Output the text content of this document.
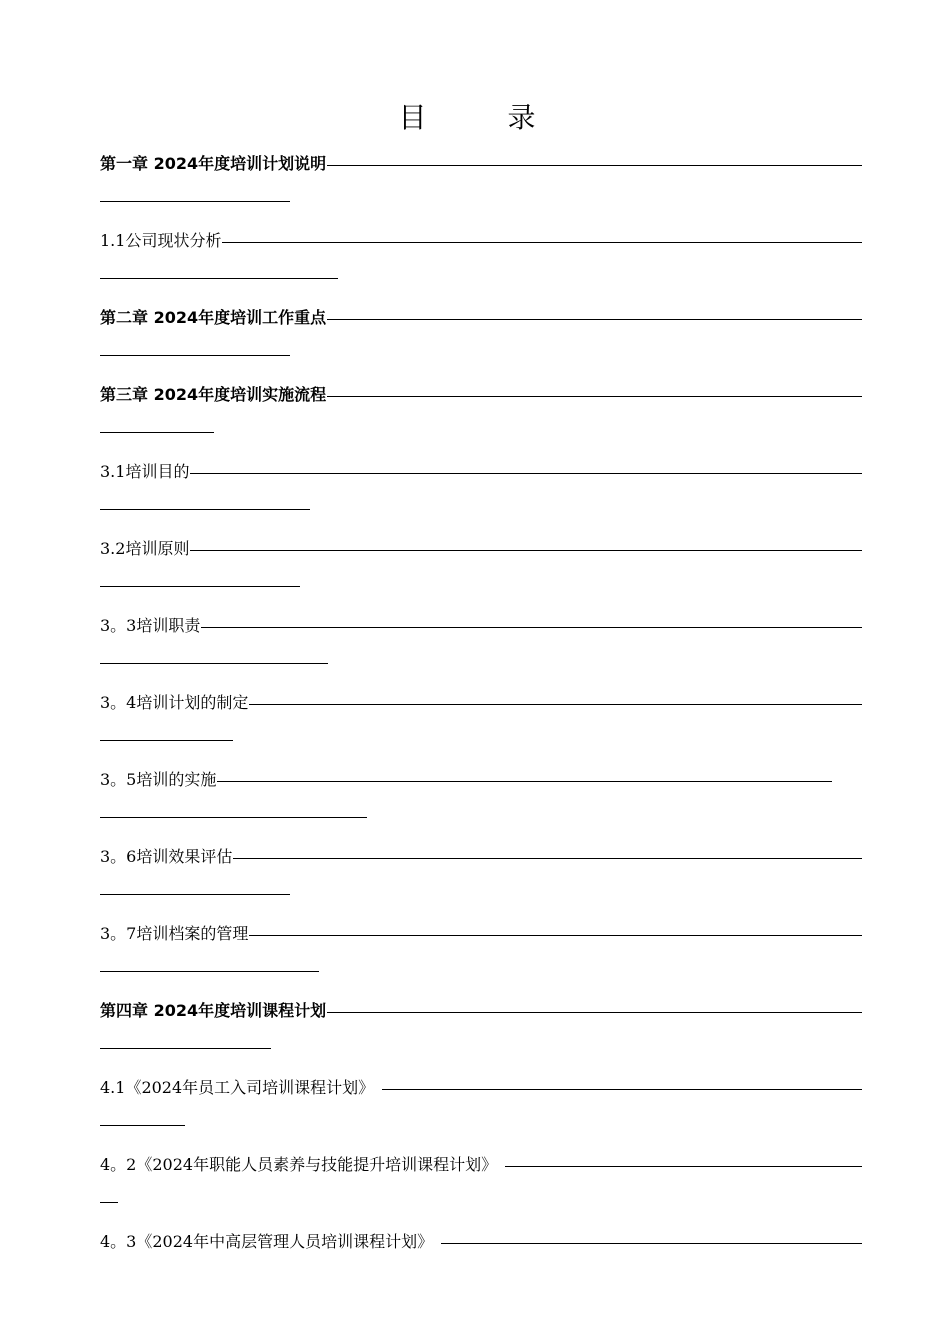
目 录
第一章 2024年度培训计划说明
1.1公司现状分析
第二章 2024年度培训工作重点
第三章 2024年度培训实施流程
3.1培训目的
3.2培训原则
3。3培训职责
3。4培训计划的制定
3。5培训的实施
3。6培训效果评估
3。7培训档案的管理
第四章 2024年度培训课程计划
4.1《2024年员工入司培训课程计划》
4。2《2024年职能人员素养与技能提升培训课程计划》
4。3《2024年中高层管理人员培训课程计划》
